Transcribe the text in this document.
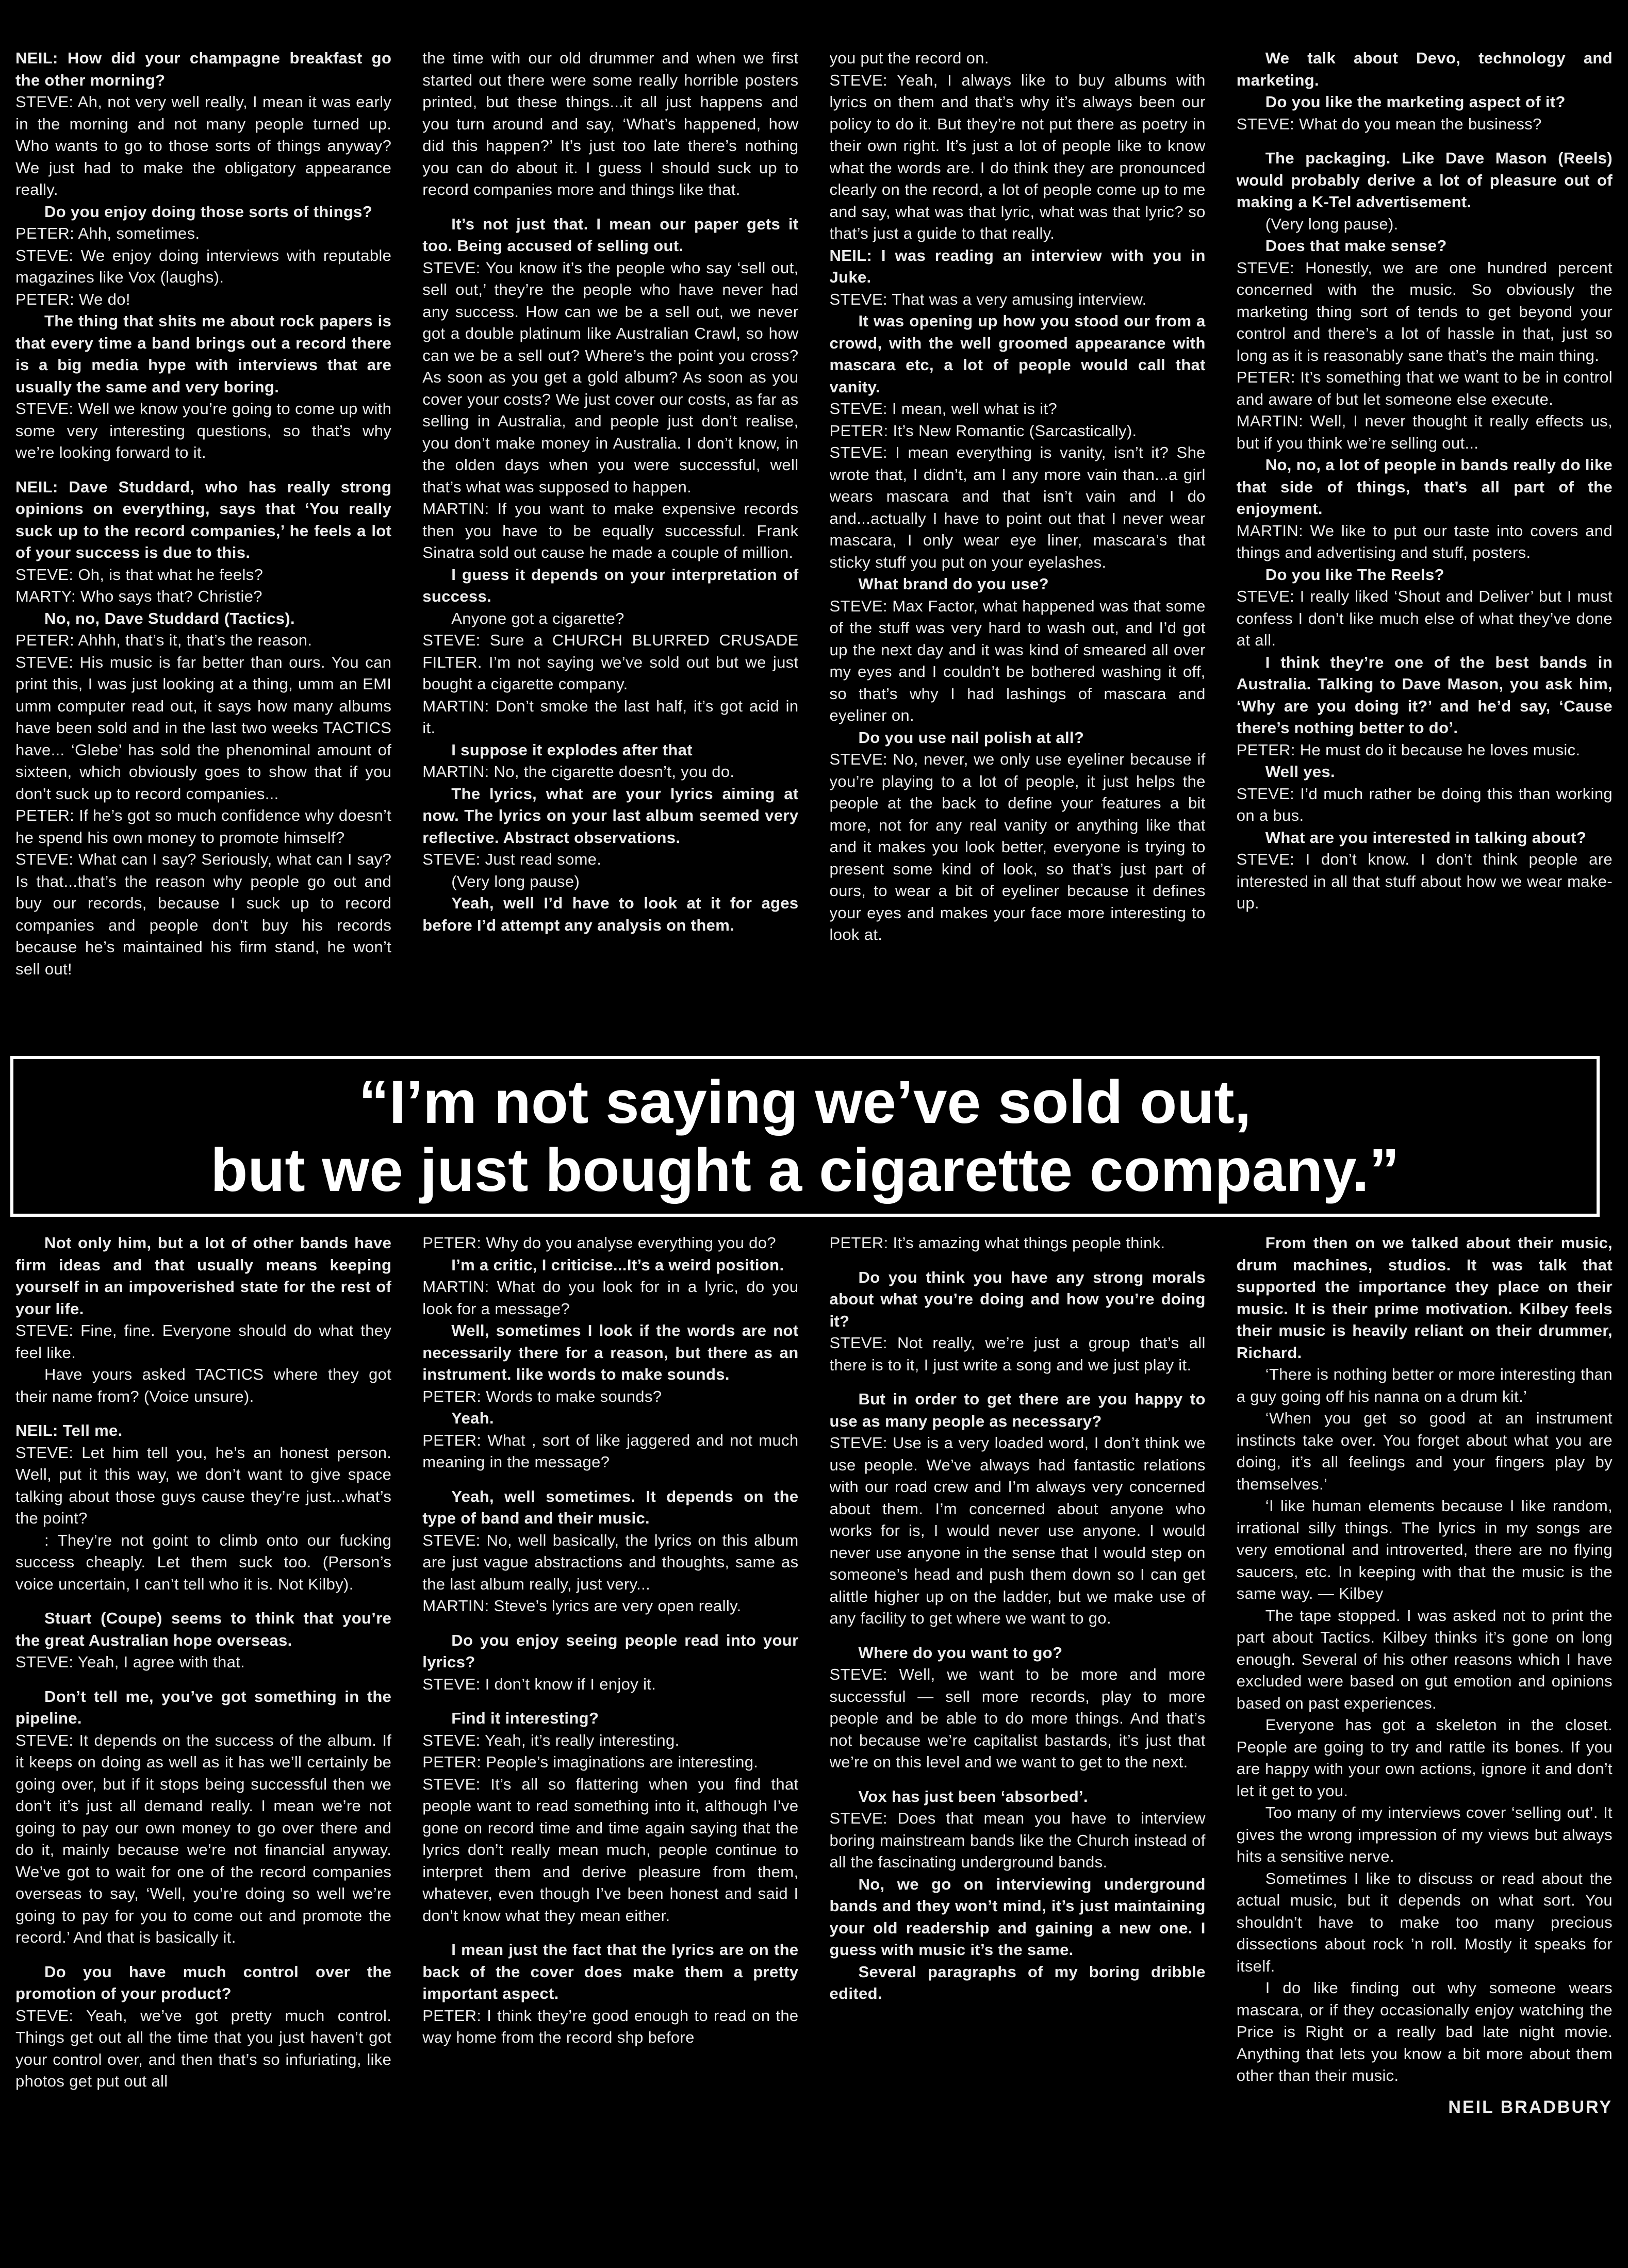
NEIL: How did your champagne breakfast go the other morning?

STEVE: Ah, not very well really, I mean it was early in the morning and not many people turned up. Who wants to go to those sorts of things anyway? We just had to make the obligatory appearance really.

Do you enjoy doing those sorts of things?

PETER: Ahh, sometimes.

STEVE: We enjoy doing interviews with reputable magazines like Vox (laughs).

PETER: We do!

The thing that shits me about rock papers is that every time a band brings out a record there is a big media hype with interviews that are usually the same and very boring.

STEVE: Well we know you’re going to come up with some very interesting questions, so that’s why we’re looking forward to it.

NEIL: Dave Studdard, who has really strong opinions on everything, says that ‘You really suck up to the record companies,’ he feels a lot of your success is due to this.

STEVE: Oh, is that what he feels?

MARTY: Who says that? Christie?

No, no, Dave Studdard (Tactics).

PETER: Ahhh, that’s it, that’s the reason.

STEVE: His music is far better than ours. You can print this, I was just looking at a thing, umm an EMI umm computer read out, it says how many albums have been sold and in the last two weeks TACTICS have... ‘Glebe’ has sold the phenominal amount of sixteen, which obviously goes to show that if you don’t suck up to record companies...

PETER: If he’s got so much confidence why doesn’t he spend his own money to promote himself?

STEVE: What can I say? Seriously, what can I say? Is that...that’s the reason why people go out and buy our records, because I suck up to record companies and people don’t buy his records because he’s maintained his firm stand, he won’t sell out!

the time with our old drummer and when we first started out there were some really horrible posters printed, but these things...it all just happens and you turn around and say, ‘What’s happened, how did this happen?’ It’s just too late there’s nothing you can do about it. I guess I should suck up to record companies more and things like that.

It’s not just that. I mean our paper gets it too. Being accused of selling out.

STEVE: You know it’s the people who say ‘sell out, sell out,’ they’re the people who have never had any success. How can we be a sell out, we never got a double platinum like Australian Crawl, so how can we be a sell out? Where’s the point you cross? As soon as you get a gold album? As soon as you cover your costs? We just cover our costs, as far as selling in Australia, and people just don’t realise, you don’t make money in Australia. I don’t know, in the olden days when you were successful, well that’s what was supposed to happen.

MARTIN: If you want to make expensive records then you have to be equally successful. Frank Sinatra sold out cause he made a couple of million.

I guess it depends on your interpretation of success.

Anyone got a cigarette?

STEVE: Sure a CHURCH BLURRED CRUSADE FILTER. I’m not saying we’ve sold out but we just bought a cigarette company.

MARTIN: Don’t smoke the last half, it’s got acid in it.

I suppose it explodes after that

MARTIN: No, the cigarette doesn’t, you do.

The lyrics, what are your lyrics aiming at now. The lyrics on your last album seemed very reflective. Abstract observations.

STEVE: Just read some.

(Very long pause)

Yeah, well I’d have to look at it for ages before I’d attempt any analysis on them.

you put the record on.

STEVE: Yeah, I always like to buy albums with lyrics on them and that’s why it’s always been our policy to do it. But they’re not put there as poetry in their own right. It’s just a lot of people like to know what the words are. I do think they are pronounced clearly on the record, a lot of people come up to me and say, what was that lyric, what was that lyric? so that’s just a guide to that really.

NEIL: I was reading an interview with you in Juke.

STEVE: That was a very amusing interview.

It was opening up how you stood our from a crowd, with the well groomed appearance with mascara etc, a lot of people would call that vanity.

STEVE: I mean, well what is it?

PETER: It’s New Romantic (Sarcastically).

STEVE: I mean everything is vanity, isn’t it? She wrote that, I didn’t, am I any more vain than...a girl wears mascara and that isn’t vain and I do and...actually I have to point out that I never wear mascara, I only wear eye liner, mascara’s that sticky stuff you put on your eyelashes.

What brand do you use?

STEVE: Max Factor, what happened was that some of the stuff was very hard to wash out, and I’d got up the next day and it was kind of smeared all over my eyes and I couldn’t be bothered washing it off, so that’s why I had lashings of mascara and eyeliner on.

Do you use nail polish at all?

STEVE: No, never, we only use eyeliner because if you’re playing to a lot of people, it just helps the people at the back to define your features a bit more, not for any real vanity or anything like that and it makes you look better, everyone is trying to present some kind of look, so that’s just part of ours, to wear a bit of eyeliner because it defines your eyes and makes your face more interesting to look at.

We talk about Devo, technology and marketing.

Do you like the marketing aspect of it?

STEVE: What do you mean the business?

The packaging. Like Dave Mason (Reels) would probably derive a lot of pleasure out of making a K-Tel advertisement.

(Very long pause).

Does that make sense?

STEVE: Honestly, we are one hundred percent concerned with the music. So obviously the marketing thing sort of tends to get beyond your control and there’s a lot of hassle in that, just so long as it is reasonably sane that’s the main thing.

PETER: It’s something that we want to be in control and aware of but let someone else execute.

MARTIN: Well, I never thought it really effects us, but if you think we’re selling out...

No, no, a lot of people in bands really do like that side of things, that’s all part of the enjoyment.

MARTIN: We like to put our taste into covers and things and advertising and stuff, posters.

Do you like The Reels?

STEVE: I really liked ‘Shout and Deliver’ but I must confess I don’t like much else of what they’ve done at all.

I think they’re one of the best bands in Australia. Talking to Dave Mason, you ask him, ‘Why are you doing it?’ and he’d say, ‘Cause there’s nothing better to do’.

PETER: He must do it because he loves music.

Well yes.

STEVE: I’d much rather be doing this than working on a bus.

What are you interested in talking about?

STEVE: I don’t know. I don’t think people are interested in all that stuff about how we wear make-up.

“I’m not saying we’ve sold out,
but we just bought a cigarette company.”

Not only him, but a lot of other bands have firm ideas and that usually means keeping yourself in an impoverished state for the rest of your life.

STEVE: Fine, fine. Everyone should do what they feel like.

Have yours asked TACTICS where they got their name from? (Voice unsure).

NEIL: Tell me.

STEVE: Let him tell you, he’s an honest person. Well, put it this way, we don’t want to give space talking about those guys cause they’re just...what’s the point?

: They’re not goint to climb onto our fucking success cheaply. Let them suck too. (Person’s voice uncertain, I can’t tell who it is. Not Kilby).

Stuart (Coupe) seems to think that you’re the great Australian hope overseas.

STEVE: Yeah, I agree with that.

Don’t tell me, you’ve got something in the pipeline.

STEVE: It depends on the success of the album. If it keeps on doing as well as it has we’ll certainly be going over, but if it stops being successful then we don’t it’s just all demand really. I mean we’re not going to pay our own money to go over there and do it, mainly because we’re not financial anyway. We’ve got to wait for one of the record companies overseas to say, ‘Well, you’re doing so well we’re going to pay for you to come out and promote the record.’ And that is basically it.

Do you have much control over the promotion of your product?

STEVE: Yeah, we’ve got pretty much control. Things get out all the time that you just haven’t got your control over, and then that’s so infuriating, like photos get put out all

PETER: Why do you analyse everything you do?

I’m a critic, I criticise...It’s a weird position.

MARTIN: What do you look for in a lyric, do you look for a message?

Well, sometimes I look if the words are not necessarily there for a reason, but there as an instrument. like words to make sounds.

PETER: Words to make sounds?

Yeah.

PETER: What , sort of like jaggered and not much meaning in the message?

Yeah, well sometimes. It depends on the type of band and their music.

STEVE: No, well basically, the lyrics on this album are just vague abstractions and thoughts, same as the last album really, just very...

MARTIN: Steve’s lyrics are very open really.

Do you enjoy seeing people read into your lyrics?

STEVE: I don’t know if I enjoy it.

Find it interesting?

STEVE: Yeah, it’s really interesting.

PETER: People’s imaginations are interesting.

STEVE: It’s all so flattering when you find that people want to read something into it, although I’ve gone on record time and time again saying that the lyrics don’t really mean much, people continue to interpret them and derive pleasure from them, whatever, even though I’ve been honest and said I don’t know what they mean either.

I mean just the fact that the lyrics are on the back of the cover does make them a pretty important aspect.

PETER: I think they’re good enough to read on the way home from the record shp before

PETER: It’s amazing what things people think.

Do you think you have any strong morals about what you’re doing and how you’re doing it?

STEVE: Not really, we’re just a group that’s all there is to it, I just write a song and we just play it.

But in order to get there are you happy to use as many people as necessary?

STEVE: Use is a very loaded word, I don’t think we use people. We’ve always had fantastic relations with our road crew and I’m always very concerned about them. I’m concerned about anyone who works for is, I would never use anyone. I would never use anyone in the sense that I would step on someone’s head and push them down so I can get alittle higher up on the ladder, but we make use of any facility to get where we want to go.

Where do you want to go?

STEVE: Well, we want to be more and more successful — sell more records, play to more people and be able to do more things. And that’s not because we’re capitalist bastards, it’s just that we’re on this level and we want to get to the next.

Vox has just been ‘absorbed’.

STEVE: Does that mean you have to interview boring mainstream bands like the Church instead of all the fascinating underground bands.

No, we go on interviewing underground bands and they won’t mind, it’s just maintaining your old readership and gaining a new one. I guess with music it’s the same.

Several paragraphs of my boring dribble edited.

From then on we talked about their music, drum machines, studios. It was talk that supported the importance they place on their music. It is their prime motivation. Kilbey feels their music is heavily reliant on their drummer, Richard.

‘There is nothing better or more interesting than a guy going off his nanna on a drum kit.’

‘When you get so good at an instrument instincts take over. You forget about what you are doing, it’s all feelings and your fingers play by themselves.’

‘I like human elements because I like random, irrational silly things. The lyrics in my songs are very emotional and introverted, there are no flying saucers, etc. In keeping with that the music is the same way. — Kilbey

The tape stopped. I was asked not to print the part about Tactics. Kilbey thinks it’s gone on long enough. Several of his other reasons which I have excluded were based on gut emotion and opinions based on past experiences.

Everyone has got a skeleton in the closet. People are going to try and rattle its bones. If you are happy with your own actions, ignore it and don’t let it get to you.

Too many of my interviews cover ‘selling out’. It gives the wrong impression of my views but always hits a sensitive nerve.

Sometimes I like to discuss or read about the actual music, but it depends on what sort. You shouldn’t have to make too many precious dissections about rock ’n roll. Mostly it speaks for itself.

I do like finding out why someone wears mascara, or if they occasionally enjoy watching the Price is Right or a really bad late night movie. Anything that lets you know a bit more about them other than their music.

NEIL BRADBURY
